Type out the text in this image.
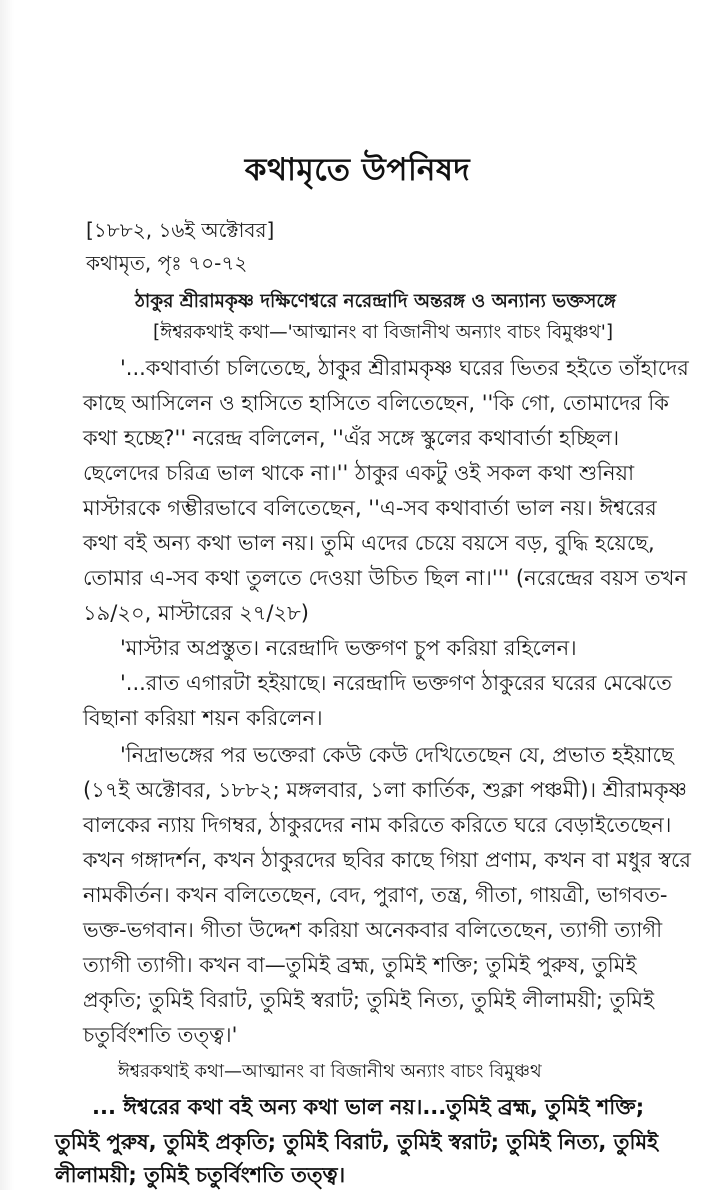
কথামৃতে উপনিষদ
[১৮৮২, ১৬ই অক্টোবর]
কথামৃত, পৃঃ ৭০-৭২
ঠাকুর শ্রীরামকৃষ্ণ দক্ষিণেশ্বরে নরেন্দ্রাদি অন্তরঙ্গ ও অন্যান্য ভক্তসঙ্গে
[ঈশ্বরকথাই কথা—'আত্মানং বা বিজানীথ অন্যাং বাচং বিমুঞ্চথ']
'...কথাবার্তা চলিতেছে, ঠাকুর শ্রীরামকৃষ্ণ ঘরের ভিতর হইতে তাঁহাদের
কাছে আসিলেন ও হাসিতে হাসিতে বলিতেছেন, ''কি গো, তোমাদের কি
কথা হচ্ছে?'' নরেন্দ্র বলিলেন, ''এঁর সঙ্গে স্কুলের কথাবার্তা হচ্ছিল।
ছেলেদের চরিত্র ভাল থাকে না।'' ঠাকুর একটু ওই সকল কথা শুনিয়া
মাস্টারকে গম্ভীরভাবে বলিতেছেন, ''এ-সব কথাবার্তা ভাল নয়। ঈশ্বরের
কথা বই অন্য কথা ভাল নয়। তুমি এদের চেয়ে বয়সে বড়, বুদ্ধি হয়েছে,
তোমার এ-সব কথা তুলতে দেওয়া উচিত ছিল না।''' (নরেন্দ্রের বয়স তখন
১৯/২০, মাস্টারের ২৭/২৮)
'মাস্টার অপ্রস্তুত। নরেন্দ্রাদি ভক্তগণ চুপ করিয়া রহিলেন।
'...রাত এগারটা হইয়াছে। নরেন্দ্রাদি ভক্তগণ ঠাকুরের ঘরের মেঝেতে
বিছানা করিয়া শয়ন করিলেন।
'নিদ্রাভঙ্গের পর ভক্তেরা কেউ কেউ দেখিতেছেন যে, প্রভাত হইয়াছে
(১৭ই অক্টোবর, ১৮৮২; মঙ্গলবার, ১লা কার্তিক, শুক্লা পঞ্চমী)। শ্রীরামকৃষ্ণ
বালকের ন্যায় দিগম্বর, ঠাকুরদের নাম করিতে করিতে ঘরে বেড়াইতেছেন।
কখন গঙ্গাদর্শন, কখন ঠাকুরদের ছবির কাছে গিয়া প্রণাম, কখন বা মধুর স্বরে
নামকীর্তন। কখন বলিতেছেন, বেদ, পুরাণ, তন্ত্র, গীতা, গায়ত্রী, ভাগবত-
ভক্ত-ভগবান। গীতা উদ্দেশ করিয়া অনেকবার বলিতেছেন, ত্যাগী ত্যাগী
ত্যাগী ত্যাগী। কখন বা—তুমিই ব্রহ্ম, তুমিই শক্তি; তুমিই পুরুষ, তুমিই
প্রকৃতি; তুমিই বিরাট, তুমিই স্বরাট; তুমিই নিত্য, তুমিই লীলাময়ী; তুমিই
চতুর্বিংশতি তত্ত্ব।'
ঈশ্বরকথাই কথা—আত্মানং বা বিজানীথ অন্যাং বাচং বিমুঞ্চথ
... ঈশ্বরের কথা বই অন্য কথা ভাল নয়।...তুমিই ব্রহ্ম, তুমিই শক্তি;
তুমিই পুরুষ, তুমিই প্রকৃতি; তুমিই বিরাট, তুমিই স্বরাট; তুমিই নিত্য, তুমিই
লীলাময়ী; তুমিই চতুর্বিংশতি তত্ত্ব।
